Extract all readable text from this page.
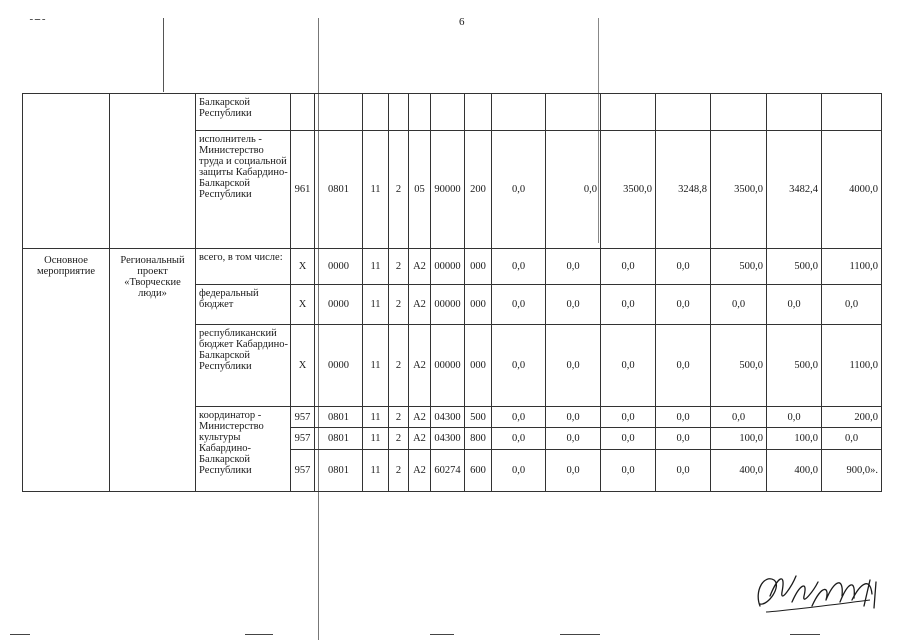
ـ ــ ـ	6
		Балкарской Республики														
		исполнитель - Министерство труда и социальной защиты Кабардино-Балкарской Республики	961	0801	11	2	05	90000	200	0,0	0,0	3500,0	3248,8	3500,0	3482,4	4000,0
Основное мероприятие	Региональный проект «Творческие люди»	всего, в том числе:	Х	0000	11	2	А2	00000	000	0,0	0,0	0,0	0,0	500,0	500,0	1100,0
		федеральный бюджет	Х	0000	11	2	А2	00000	000	0,0	0,0	0,0	0,0	0,0	0,0	0,0
		республиканский бюджет Кабардино-Балкарской Республики	Х	0000	11	2	А2	00000	000	0,0	0,0	0,0	0,0	500,0	500,0	1100,0
		координатор - Министерство культуры Кабардино-Балкарской Республики	957	0801	11	2	А2	04300	500	0,0	0,0	0,0	0,0	0,0	0,0	200,0
			957	0801	11	2	А2	04300	800	0,0	0,0	0,0	0,0	100,0	100,0	0,0
			957	0801	11	2	А2	60274	600	0,0	0,0	0,0	0,0	400,0	400,0	900,0».
